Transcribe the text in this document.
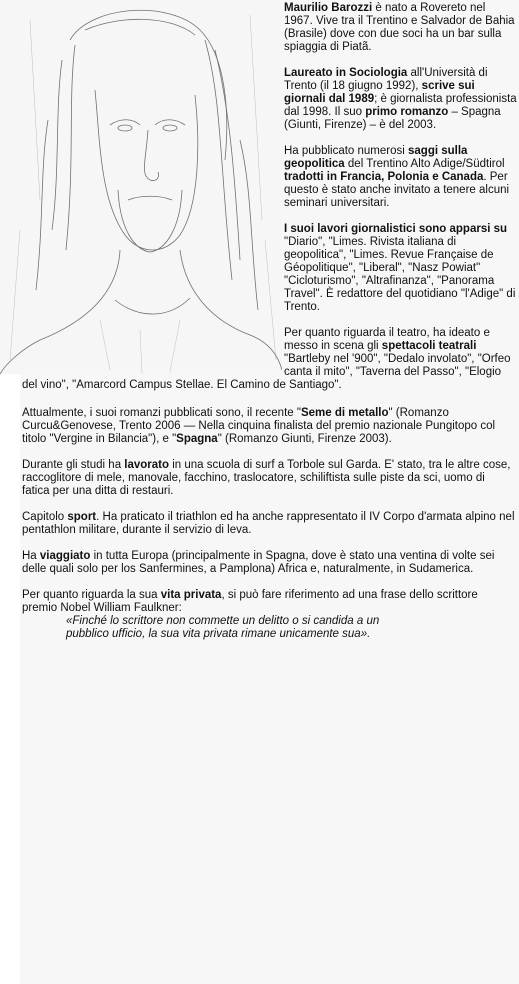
Maurilio Barozzi è nato a Rovereto nel 1967. Vive tra il Trentino e Salvador de Bahia (Brasile) dove con due soci ha un bar sulla spiaggia di Piatã.

Laureato in Sociologia all'Università di Trento (il 18 giugno 1992), scrive sui giornali dal 1989; è giornalista professionista dal 1998. Il suo primo romanzo – Spagna (Giunti, Firenze) – è del 2003.

Ha pubblicato numerosi saggi sulla geopolitica del Trentino Alto Adige/Südtirol tradotti in Francia, Polonia e Canada. Per questo è stato anche invitato a tenere alcuni seminari universitari.

I suoi lavori giornalistici sono apparsi su "Diario", "Limes. Rivista italiana di geopolitica", "Limes. Revue Française de Géopolitique", "Liberal", "Nasz Powiat" "Cicloturismo", "Altrafinanza", "Panorama Travel". È redattore del quotidiano "l'Adige" di Trento.

Per quanto riguarda il teatro, ha ideato e messo in scena gli spettacoli teatrali "Bartleby nel '900", "Dedalo involato", "Orfeo canta il mito", "Taverna del Passo", "Elogio del vino", "Amarcord Campus Stellae. El Camino de Santiago".

Attualmente, i suoi romanzi pubblicati sono, il recente "Seme di metallo" (Romanzo Curcu&Genovese, Trento 2006 — Nella cinquina finalista del premio nazionale Pungitopo col titolo "Vergine in Bilancia"), e "Spagna" (Romanzo Giunti, Firenze 2003).

Durante gli studi ha lavorato in una scuola di surf a Torbole sul Garda. E' stato, tra le altre cose, raccoglitore di mele, manovale, facchino, traslocatore, schiliftista sulle piste da sci, uomo di fatica per una ditta di restauri.

Capitolo sport. Ha praticato il triathlon ed ha anche rappresentato il IV Corpo d'armata alpino nel pentathlon militare, durante il servizio di leva.

Ha viaggiato in tutta Europa (principalmente in Spagna, dove è stato una ventina di volte sei delle quali solo per los Sanfermines, a Pamplona) Africa e, naturalmente, in Sudamerica.

Per quanto riguarda la sua vita privata, si può fare riferimento ad una frase dello scrittore premio Nobel William Faulkner:

«Finché lo scrittore non commette un delitto o si candida a un pubblico ufficio, la sua vita privata rimane unicamente sua».
